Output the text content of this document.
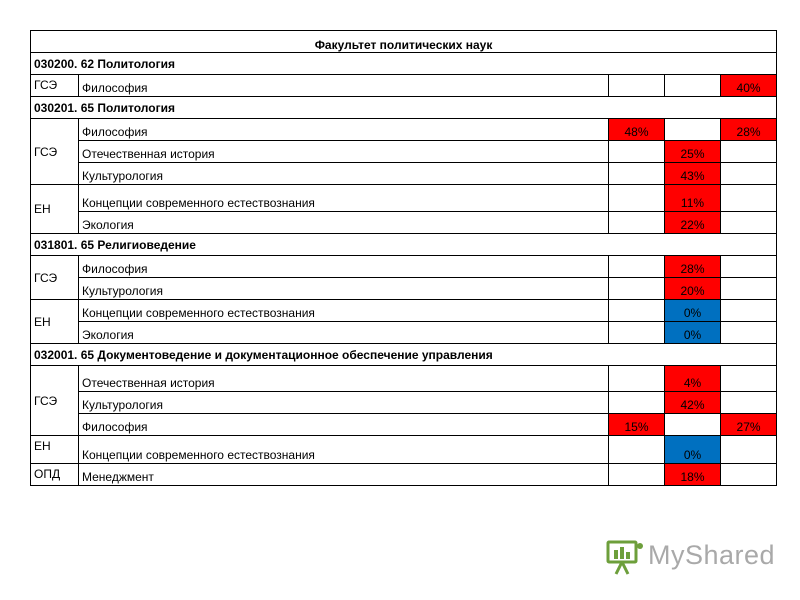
Факультет политических наук				
030200. 62 Политология				
ГСЭ	Философия			40%
030201. 65 Политология				
ГСЭ	Философия	48%		28%
	Отечественная история		25%	
	Культурология		43%	
ЕН	Концепции современного естествознания		11%	
	Экология		22%	
031801. 65 Религиоведение				
ГСЭ	Философия		28%	
	Культурология		20%	
ЕН	Концепции современного естествознания		0%	
	Экология		0%	
032001. 65 Документоведение и документационное обеспечение управления				
ГСЭ	Отечественная история		4%	
	Культурология		42%	
	Философия	15%		27%
ЕН	Концепции современного естествознания		0%	
ОПД	Менеджмент		18%	
MyShared
